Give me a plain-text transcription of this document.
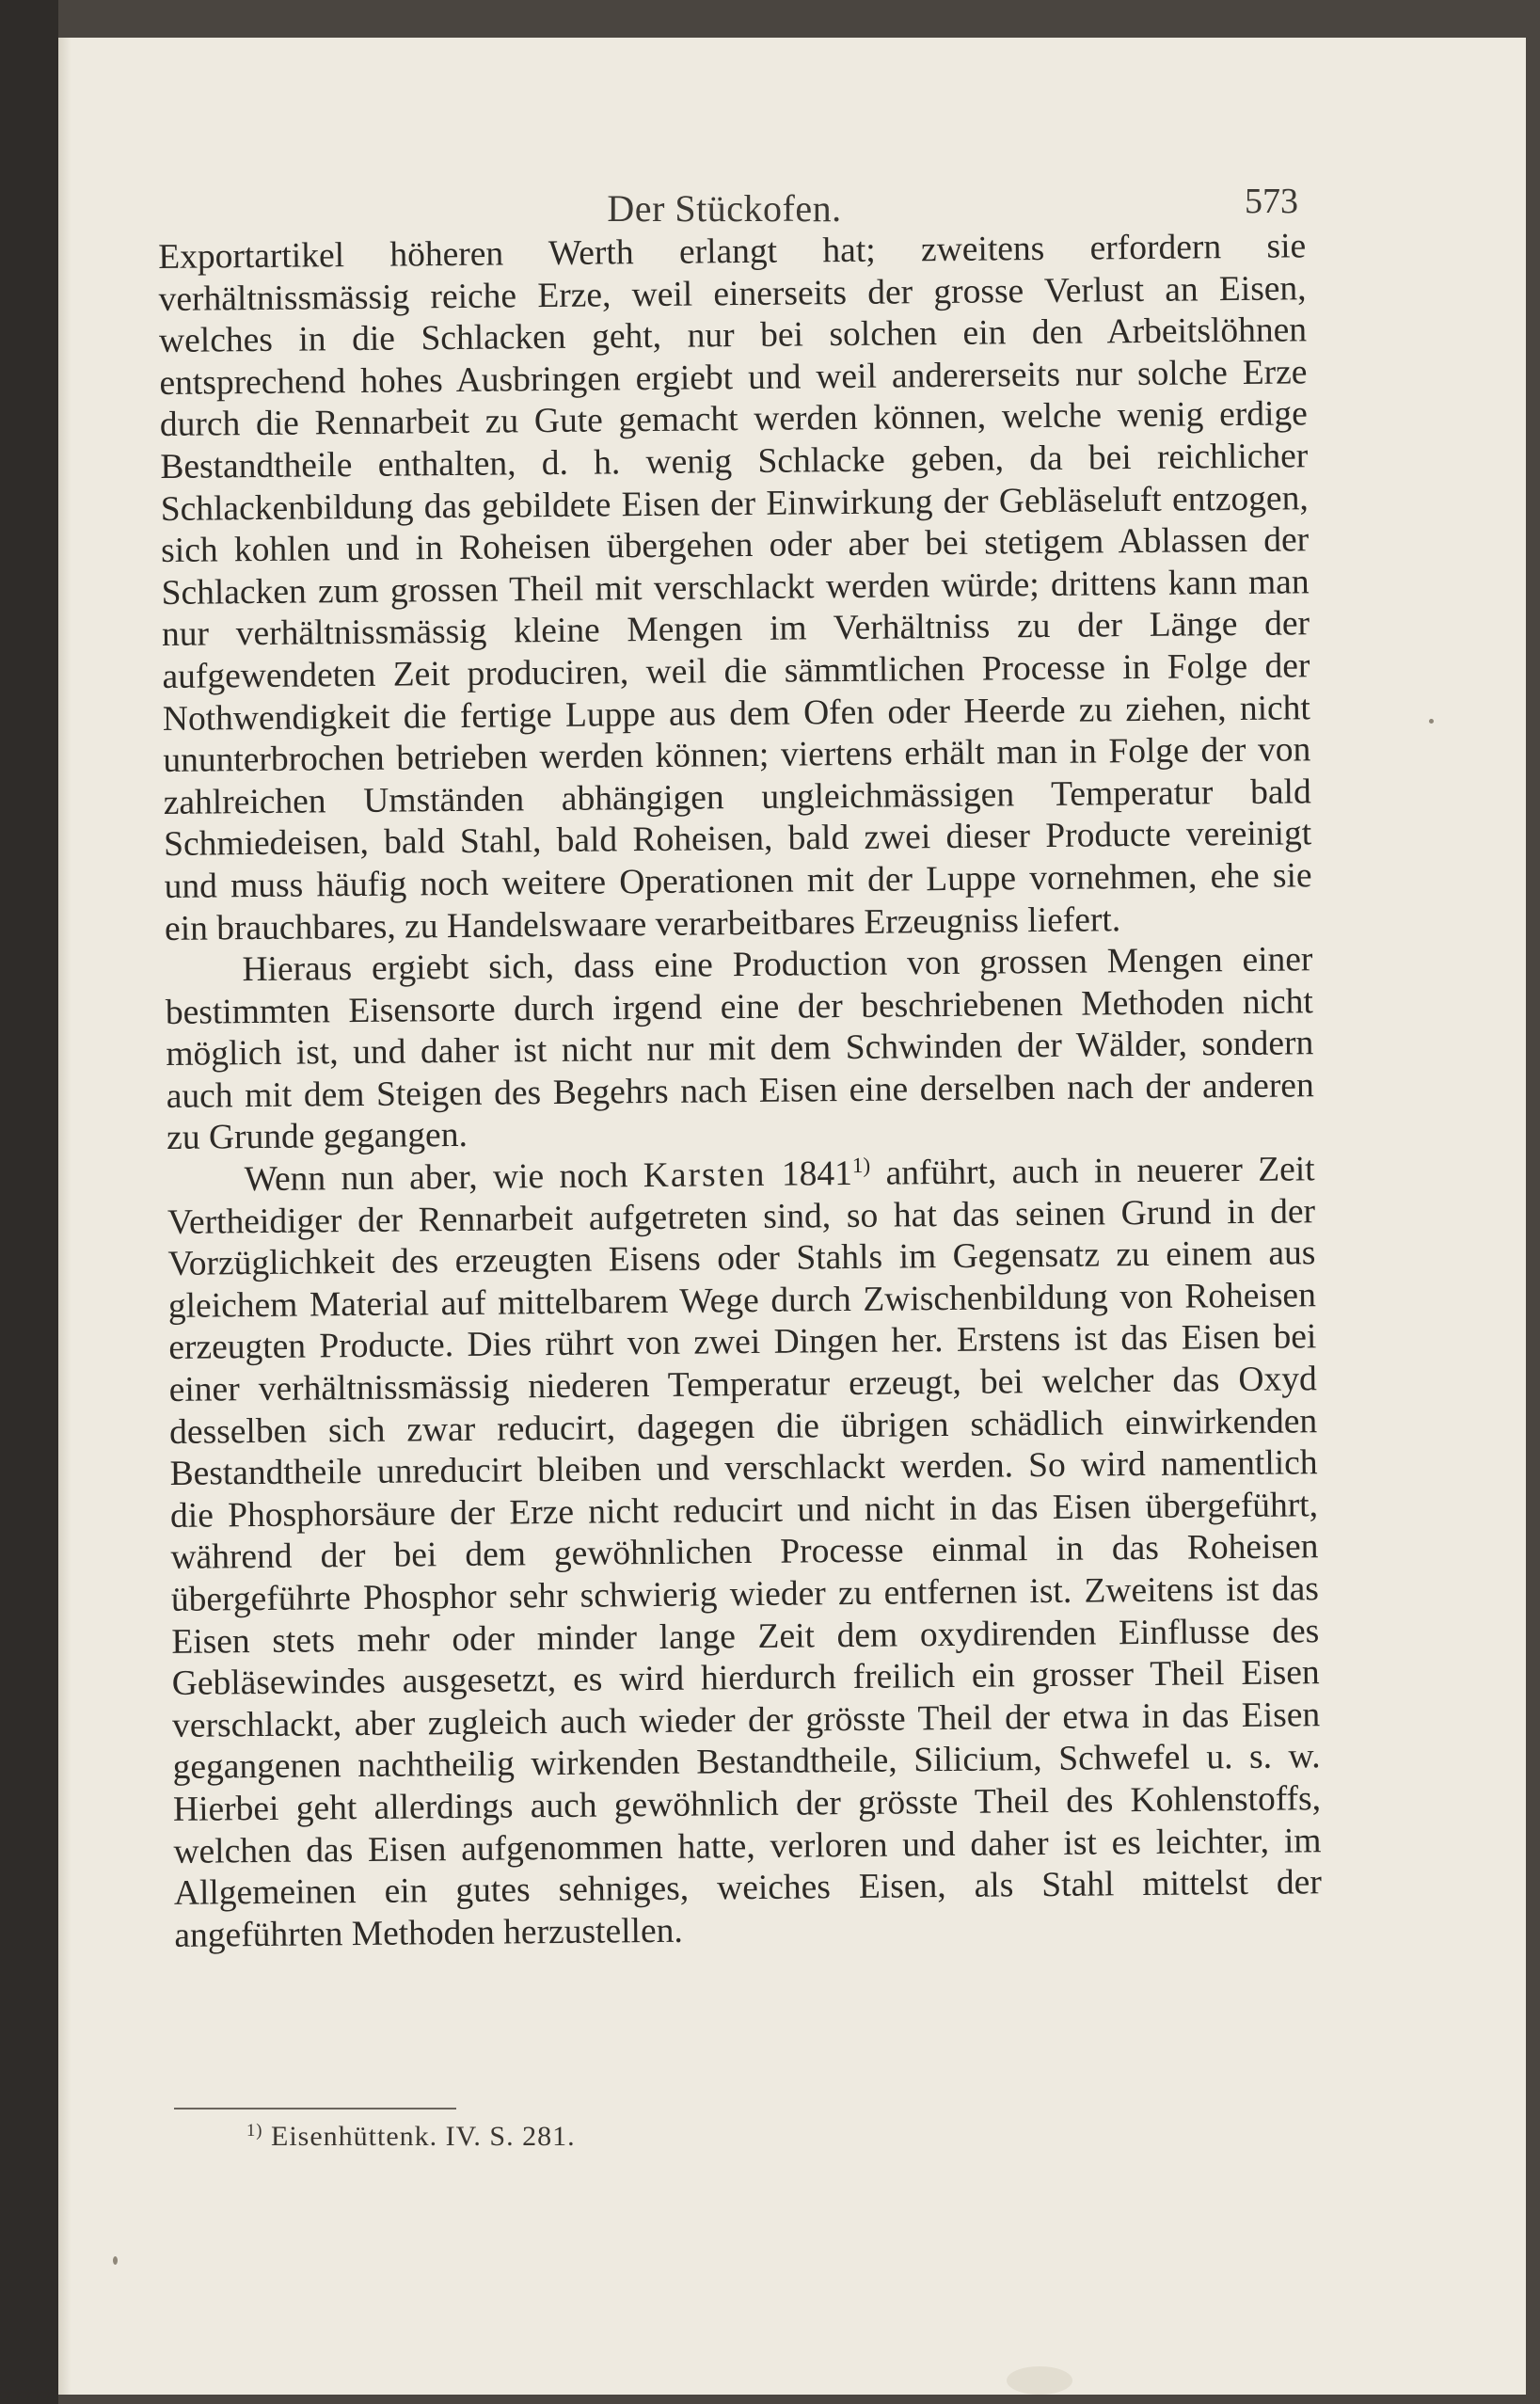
Der Stückofen.	573

Exportartikel höheren Werth erlangt hat; zweitens erfordern sie verhältnissmässig reiche Erze, weil einerseits der grosse Verlust an Eisen, welches in die Schlacken geht, nur bei solchen ein den Arbeitslöhnen entsprechend hohes Ausbringen ergiebt und weil andererseits nur solche Erze durch die Rennarbeit zu Gute gemacht werden können, welche wenig erdige Bestandtheile enthalten, d. h. wenig Schlacke geben, da bei reichlicher Schlackenbildung das gebildete Eisen der Einwirkung der Gebläseluft entzogen, sich kohlen und in Roheisen übergehen oder aber bei stetigem Ablassen der Schlacken zum grossen Theil mit verschlackt werden würde; drittens kann man nur verhältnissmässig kleine Mengen im Verhältniss zu der Länge der aufgewendeten Zeit produciren, weil die sämmtlichen Processe in Folge der Nothwendigkeit die fertige Luppe aus dem Ofen oder Heerde zu ziehen, nicht ununterbrochen betrieben werden können; viertens erhält man in Folge der von zahlreichen Umständen abhängigen ungleichmässigen Temperatur bald Schmiedeisen, bald Stahl, bald Roheisen, bald zwei dieser Producte vereinigt und muss häufig noch weitere Operationen mit der Luppe vornehmen, ehe sie ein brauchbares, zu Handelswaare verarbeitbares Erzeugniss liefert.

Hieraus ergiebt sich, dass eine Production von grossen Mengen einer bestimmten Eisensorte durch irgend eine der beschriebenen Methoden nicht möglich ist, und daher ist nicht nur mit dem Schwinden der Wälder, sondern auch mit dem Steigen des Begehrs nach Eisen eine derselben nach der anderen zu Grunde gegangen.

Wenn nun aber, wie noch Karsten 1841$^{1)}$ anführt, auch in neuerer Zeit Vertheidiger der Rennarbeit aufgetreten sind, so hat das seinen Grund in der Vorzüglichkeit des erzeugten Eisens oder Stahls im Gegensatz zu einem aus gleichem Material auf mittelbarem Wege durch Zwischenbildung von Roheisen erzeugten Producte. Dies rührt von zwei Dingen her. Erstens ist das Eisen bei einer verhältnissmässig niederen Temperatur erzeugt, bei welcher das Oxyd desselben sich zwar reducirt, dagegen die übrigen schädlich einwirkenden Bestandtheile unreducirt bleiben und verschlackt werden. So wird namentlich die Phosphorsäure der Erze nicht reducirt und nicht in das Eisen übergeführt, während der bei dem gewöhnlichen Processe einmal in das Roheisen übergeführte Phosphor sehr schwierig wieder zu entfernen ist. Zweitens ist das Eisen stets mehr oder minder lange Zeit dem oxydirenden Einflusse des Gebläsewindes ausgesetzt, es wird hierdurch freilich ein grosser Theil Eisen verschlackt, aber zugleich auch wieder der grösste Theil der etwa in das Eisen gegangenen nachtheilig wirkenden Bestandtheile, Silicium, Schwefel u. s. w. Hierbei geht allerdings auch gewöhnlich der grösste Theil des Kohlenstoffs, welchen das Eisen aufgenommen hatte, verloren und daher ist es leichter, im Allgemeinen ein gutes sehniges, weiches Eisen, als Stahl mittelst der angeführten Methoden herzustellen.

$^{1)}$ Eisenhüttenk. IV. S. 281.
